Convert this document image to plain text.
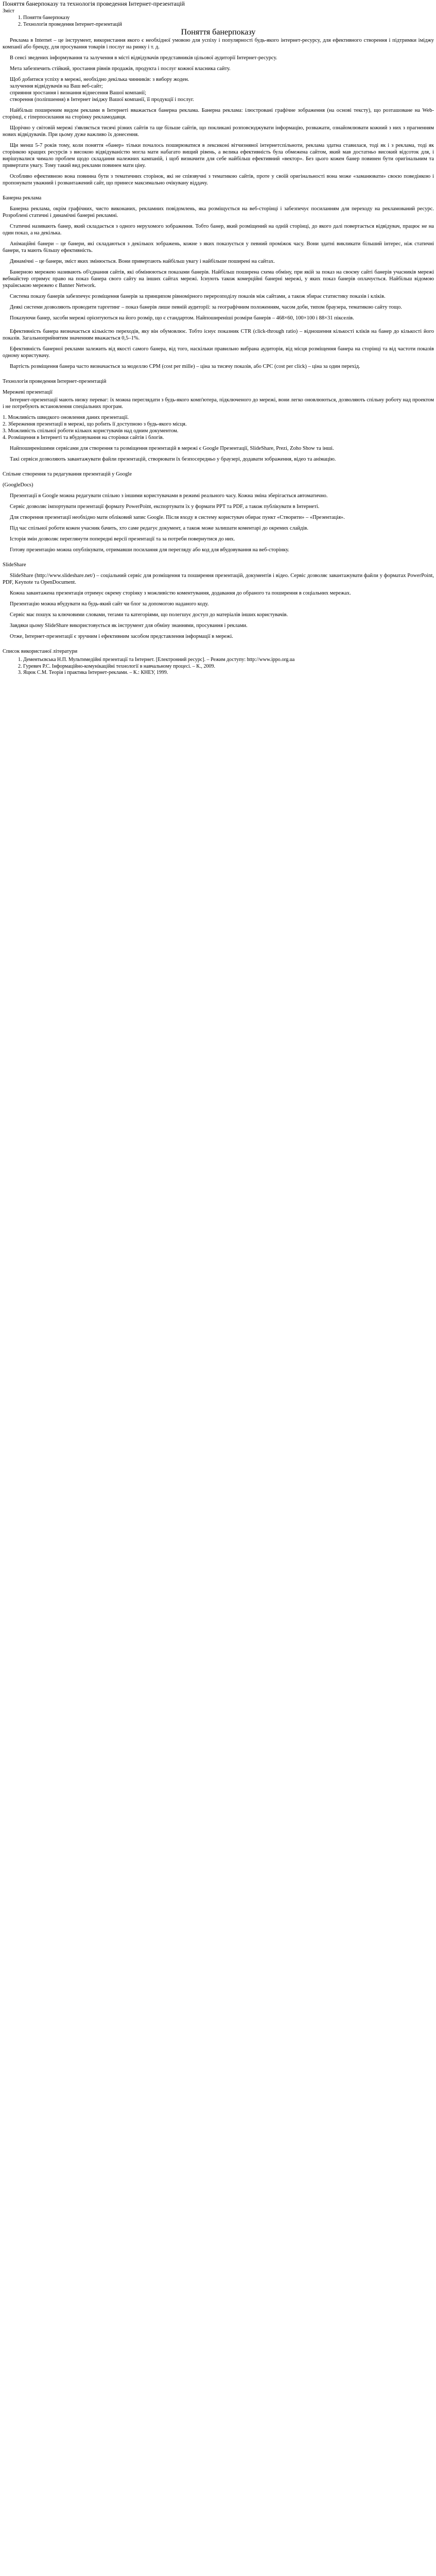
Поняття банерпоказу та технологія проведення Інтернет-презентацій
Зміст
1. Поняття банерпоказу
2. Технологія проведення Інтернет-презентацій
Поняття банерпоказу

Реклама в Internet – це інструмент, використання якого є необхідної умовою для успіху і популярності будь-якого інтернет-ресурсу, для ефективного створення і підтримки іміджу компанії або бренду, для просування товарів і послуг на ринку і т. д.

В сенсі зведених інформування та залучення в місті відвідувачів представників цільової аудиторії Інтернет-ресурсу.

Мета забезпечить стійкий, зростання рівнів продажів, продукта і послуг кожної власника сайту.

Щоб добитися успіху в мережі, необхідно декілька чинників: з вибору жоден.

залучення відвідувачів на Ваш веб-сайт;

сприяння зростання і визнання віднесення Вашої компанії;

створення (поліпшення) в Інтернет іміджу Вашої компанії, її продукції і послуг.

Найбільш поширеним видом реклами в Інтернеті вважається банерна реклама. Банерна реклама: ілюстровані графічне зображення (на основі тексту), що розташоване на Web-сторінці, є гіперпосилання на сторінку рекламодавця.

Щорічно у світовій мережі з'являється тисячі різних сайтів та ще більше сайтів, що покликані розповсюджувати інформацію, розважати, ознайомлювати кожний з них з прагненням нових відвідувачів. При цьому дуже важливо їх донесення.

Щи менш 5-7 років тому, коли поняття «банер» тільки почалось поширюватися в лексиконі вітчизняної інтернетспільноти, реклама здатна ставилася, тоді як і з реклама, тоді як сторінкою кращих ресурсів з високою відвідуваністю могла мати набагато вищий рівень, а велика ефективність була обмежена сайтом, який мав достатньо високий відсоток для, і вирішувалися чимало проблем щодо складання належних кампаній, і щоб визначити для себе найбільш ефективний «вектор». Без цього кожен банер повинен бути оригінальним та привертати увагу. Тому такий вид реклами повинен мати ціну.

Особливо ефективною вона повинна бути з тематичних сторінок, які не співзвучні з тематикою сайтів, проте у своїй оригінальності вона може «заманювати» своєю поведінкою і пропонувати уважний і розвантажений сайт, що принесе максимально очікувану віддачу.

Банерна реклама

Банерна реклама, окрім графічних, чисто виконаних, рекламних повідомлень, яка розміщується на веб-сторінці і забезпечує посиланням для переходу на рекламований ресурс. Розроблені статичні і динамічні банерні рекламні.

Статичні називають банер, який складається з одного нерухомого зображення. Тобто банер, який розміщений на одній сторінці, до якого далі повертається відвідувач, працює не на один показ, а на декілька.

Анімаційні банери – це банери, які складаються з декількох зображень, кожне з яких показується у певний проміжок часу. Вони здатні викликати більший інтерес, ніж статичні банери, та мають більшу ефективність.

Динамічні – це банери, зміст яких змінюється. Вони привертають найбільш увагу і найбільше поширені на сайтах.

Банерною мережею називають об'єднання сайтів, які обмінюються показами банерів. Найбільш поширена схема обміну, при якій за показ на своєму сайті банерів учасників мережі вебмайстер отримує право на показ банера свого сайту на інших сайтах мережі. Існують також комерційні банерні мережі, у яких показ банерів оплачується. Найбільш відомою українською мережею є Banner Network.

Система показу банерів забезпечує розміщення банерів за принципом рівномірного перерозподілу показів між сайтами, а також збирає статистику показів і кліків.

Деякі системи дозволяють проводити таргетинг – показ банерів лише певній аудиторії: за географічним положенням, часом доби, типом браузера, тематикою сайту тощо.

Показуючи банер, засоби мережі орієнтуються на його розмір, що є стандартом. Найпоширеніші розміри банерів – 468×60, 100×100 і 88×31 пікселів.

Ефективність банера визначається кількістю переходів, яку він обумовлює. Тобто існує показник CTR (click-through ratio) – відношення кількості кліків на банер до кількості його показів. Загальноприйнятим значенням вважається 0,5–1%.

Ефективність банерної реклами залежить від якості самого банера, від того, наскільки правильно вибрана аудиторія, від місця розміщення банера на сторінці та від частоти показів одному користувачу.

Вартість розміщення банера часто визначається за моделлю CPM (cost per mille) – ціна за тисячу показів, або CPC (cost per click) – ціна за один перехід.

Технологія проведення Інтернет-презентацій
Мережеві презентації

Інтернет-презентації мають низку переваг: їх можна переглядати з будь-якого комп'ютера, підключеного до мережі, вони легко оновлюються, дозволяють спільну роботу над проектом і не потребують встановлення спеціальних програм.

1. Можливість швидкого оновлення даних презентації.

2. Збереження презентації в мережі, що робить її доступною з будь-якого місця.

3. Можливість спільної роботи кількох користувачів над одним документом.

4. Розміщення в Інтернеті та вбудовування на сторінки сайтів і блогів.

Найпоширенішими сервісами для створення та розміщення презентацій в мережі є Google Презентації, SlideShare, Prezi, Zoho Show та інші.

Такі сервіси дозволяють завантажувати файли презентацій, створювати їх безпосередньо у браузері, додавати зображення, відео та анімацію.

Спільне створення та редагування презентацій у Google
(GoogleDocs)

Презентації в Google можна редагувати спільно з іншими користувачами в режимі реального часу. Кожна зміна зберігається автоматично.

Сервіс дозволяє імпортувати презентації формату PowerPoint, експортувати їх у формати PPT та PDF, а також публікувати в Інтернеті.

Для створення презентації необхідно мати обліковий запис Google. Після входу в систему користувач обирає пункт «Створити» – «Презентація».

Під час спільної роботи кожен учасник бачить, хто саме редагує документ, а також може залишати коментарі до окремих слайдів.

Історія змін дозволяє переглянути попередні версії презентації та за потреби повернутися до них.

Готову презентацію можна опублікувати, отримавши посилання для перегляду або код для вбудовування на веб-сторінку.

SlideShare

SlideShare (http://www.slideshare.net/) – соціальний сервіс для розміщення та поширення презентацій, документів і відео. Сервіс дозволяє завантажувати файли у форматах PowerPoint, PDF, Keynote та OpenDocument.

Кожна завантажена презентація отримує окрему сторінку з можливістю коментування, додавання до обраного та поширення в соціальних мережах.

Презентацію можна вбудувати на будь-який сайт чи блог за допомогою наданого коду.

Сервіс має пошук за ключовими словами, тегами та категоріями, що полегшує доступ до матеріалів інших користувачів.

Завдяки цьому SlideShare використовується як інструмент для обміну знаннями, просування і реклами.

Отже, Інтернет-презентації є зручним і ефективним засобом представлення інформації в мережі.

Список використаної літератури
1. Дементьєвська Н.П. Мультимедійні презентації та Інтернет. [Електронний ресурс]. – Режим доступу: http://www.ippo.org.ua
2. Гуревич Р.С. Інформаційно-комунікаційні технології в навчальному процесі. – К., 2009.
3. Яцюк С.М. Теорія і практика Інтернет-реклами. – К.: КНЕУ, 1999.
